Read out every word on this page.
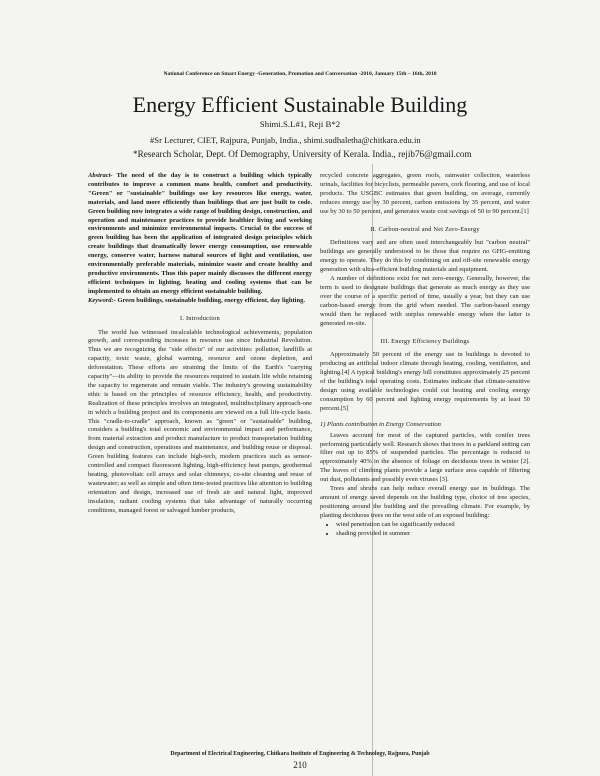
National Conference on Smart Energy -Generation, Promotion and Conversation -2010, January 15th – 16th, 2010
Energy Efficient Sustainable Building
Shimi.S.L#1, Reji B*2
#Sr Lecturer, CIET, Rajpura, Punjab, India., shimi.sudhaletha@chitkara.edu.in
*Research Scholar, Dept. Of Demography, University of Kerala. India., rejib76@gmail.com

Abstract- The need of the day is to construct a building which typically contributes to improve a common mans health, comfort and productivity. "Green" or "sustainable" buildings use key resources like energy, water, materials, and land more efficiently than buildings that are just built to code. Green building now integrates a wide range of building design, construction, and operation and maintenance practices to provide healthier living and working environments and minimize environmental impacts. Crucial to the success of green building has been the application of integrated design principles which create buildings that dramatically lower energy consumption, use renewable energy, conserve water, harness natural sources of light and ventilation, use environmentally preferable materials, minimize waste and create healthy and productive environments. Thus this paper mainly discusses the different energy efficient techniques in lighting, heating and cooling systems that can be implemented to obtain an energy efficient sustainable building.

Keyword:- Green buildings, sustainable building, energy efficient, day lighting.

I. Introduction

The world has witnessed incalculable technological achievements, population growth, and corresponding increases in resource use since Industrial Revolution. Thus we are recognizing the "side effects" of our activities: pollution, landfills at capacity, toxic waste, global warming, resource and ozone depletion, and deforestation. These efforts are straining the limits of the Earth's "carrying capacity"—its ability to provide the resources required to sustain life while retaining the capacity to regenerate and remain viable. The industry's growing sustainability ethic is based on the principles of resource efficiency, health, and productivity. Realization of these principles involves an integrated, multidisciplinary approach-one in which a building project and its components are viewed on a full life-cycle basis. This "cradle-to-cradle" approach, known as "green" or "sustainable" building, considers a building's total economic and environmental impact and performance, from material extraction and product manufacture to product transportation building design and construction, operations and maintenance, and building reuse or disposal. Green building features can include high-tech, modern practices such as sensor-controlled and compact fluorescent lighting, high-efficiency heat pumps, geothermal heating, photovoltaic cell arrays and solar chimneys, co-site cleaning and reuse of wastewater; as well as simple and often time-tested practices like attention to building orientation and design, increased use of fresh air and natural light, improved insulation, radiant cooling systems that take advantage of naturally occurring conditions, managed forest or salvaged lumber products,

recycled concrete aggregates, green roofs, rainwater collection, waterless urinals, facilities for bicyclists, permeable pavers, cork flooring, and use of local products. The USGBC estimates that green building, on average, currently reduces energy use by 30 percent, carbon emissions by 35 percent, and water use by 30 to 50 percent, and generates waste cost savings of 50 to 90 percent.[1]

II. Carbon-neutral and Net Zero-Energy

Definitions vary and are often used interchangeably but "carbon neutral" buildings are generally understood to be those that require no GHG-emitting energy to operate. They do this by combining on and off-site renewable energy generation with ultra-efficient building materials and equipment.

A number of definitions exist for net zero-energy. Generally, however, the term is used to designate buildings that generate as much energy as they use over the course of a specific period of time, usually a year, but they can use carbon-based energy from the grid when needed. The carbon-based energy would then be replaced with surplus renewable energy when the latter is generated on-site.

III. Energy Efficiency Buildings

Approximately 50 percent of the energy use in buildings is devoted to producing an artificial indoor climate through heating, cooling, ventilation, and lighting.[4] A typical building's energy bill constitutes approximately 25 percent of the building's total operating costs. Estimates indicate that climate-sensitive design using available technologies could cut heating and cooling energy consumption by 60 percent and lighting energy requirements by at least 50 percent.[5]

1) Plants contribution in Energy Conservation

Leaves account for most of the captured particles, with conifer trees performing particularly well. Research shows that trees in a parkland setting can filter out up to 85% of suspended particles. The percentage is reduced to approximately 40% in the absence of foliage on deciduous trees in winter [2]. The leaves of climbing plants provide a large surface area capable of filtering out dust, pollutants and possibly even viruses [3].

Trees and shrubs can help reduce overall energy use in buildings. The amount of energy saved depends on the building type, choice of tree species, positioning around the building and the prevailing climate. For example, by planting deciduous trees on the west side of an exposed building:

• wind penetration can be significantly reduced
• shading provided in summer
Department of Electrical Engineering, Chitkara Institute of Engineering & Technology, Rajpura, Punjab
210
